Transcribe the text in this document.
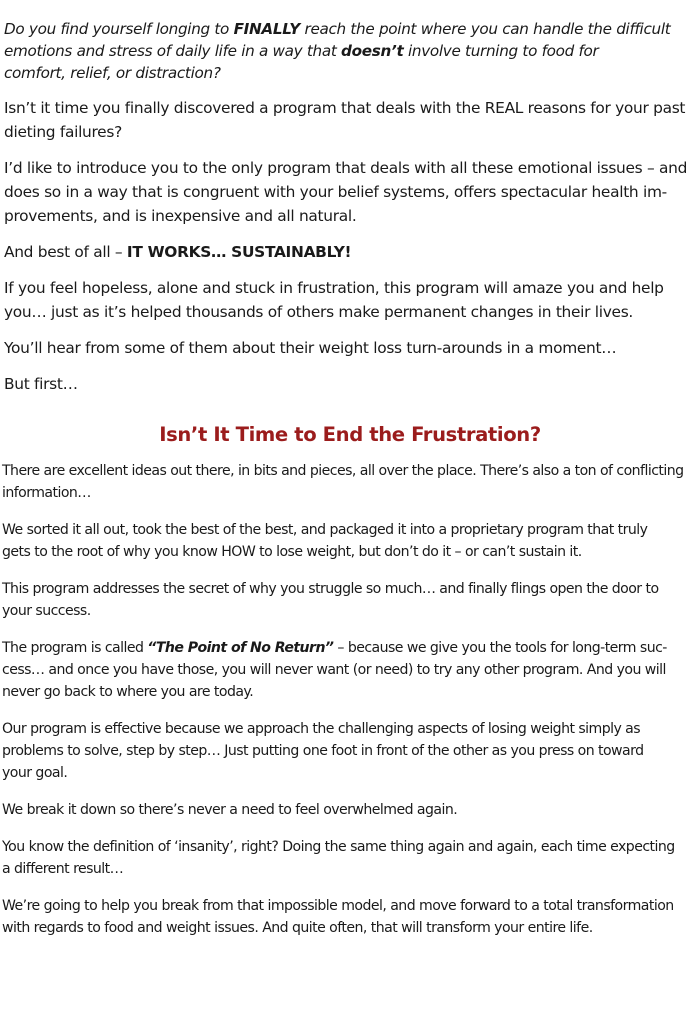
Do you find yourself longing to FINALLY reach the point where you can handle the difficult

emotions and stress of daily life in a way that doesn’t involve turning to food for

comfort, relief, or distraction?

Isn’t it time you finally discovered a program that deals with the REAL reasons for your past

dieting failures?

I’d like to introduce you to the only program that deals with all these emotional issues – and

does so in a way that is congruent with your belief systems, offers spectacular health im-

provements, and is inexpensive and all natural.

And best of all – IT WORKS… SUSTAINABLY!

If you feel hopeless, alone and stuck in frustration, this program will amaze you and help

you… just as it’s helped thousands of others make permanent changes in their lives.

You’ll hear from some of them about their weight loss turn-arounds in a moment…

But first…

Isn’t It Time to End the Frustration?

There are excellent ideas out there, in bits and pieces, all over the place. There’s also a ton of conflicting

information…

We sorted it all out, took the best of the best, and packaged it into a proprietary program that truly

gets to the root of why you know HOW to lose weight, but don’t do it – or can’t sustain it.

This program addresses the secret of why you struggle so much… and finally flings open the door to

your success.

The program is called “The Point of No Return” – because we give you the tools for long-term suc-

cess… and once you have those, you will never want (or need) to try any other program. And you will

never go back to where you are today.

Our program is effective because we approach the challenging aspects of losing weight simply as

problems to solve, step by step… Just putting one foot in front of the other as you press on toward

your goal.

We break it down so there’s never a need to feel overwhelmed again.

You know the definition of ‘insanity’, right? Doing the same thing again and again, each time expecting

a different result…

We’re going to help you break from that impossible model, and move forward to a total transformation

with regards to food and weight issues. And quite often, that will transform your entire life.
